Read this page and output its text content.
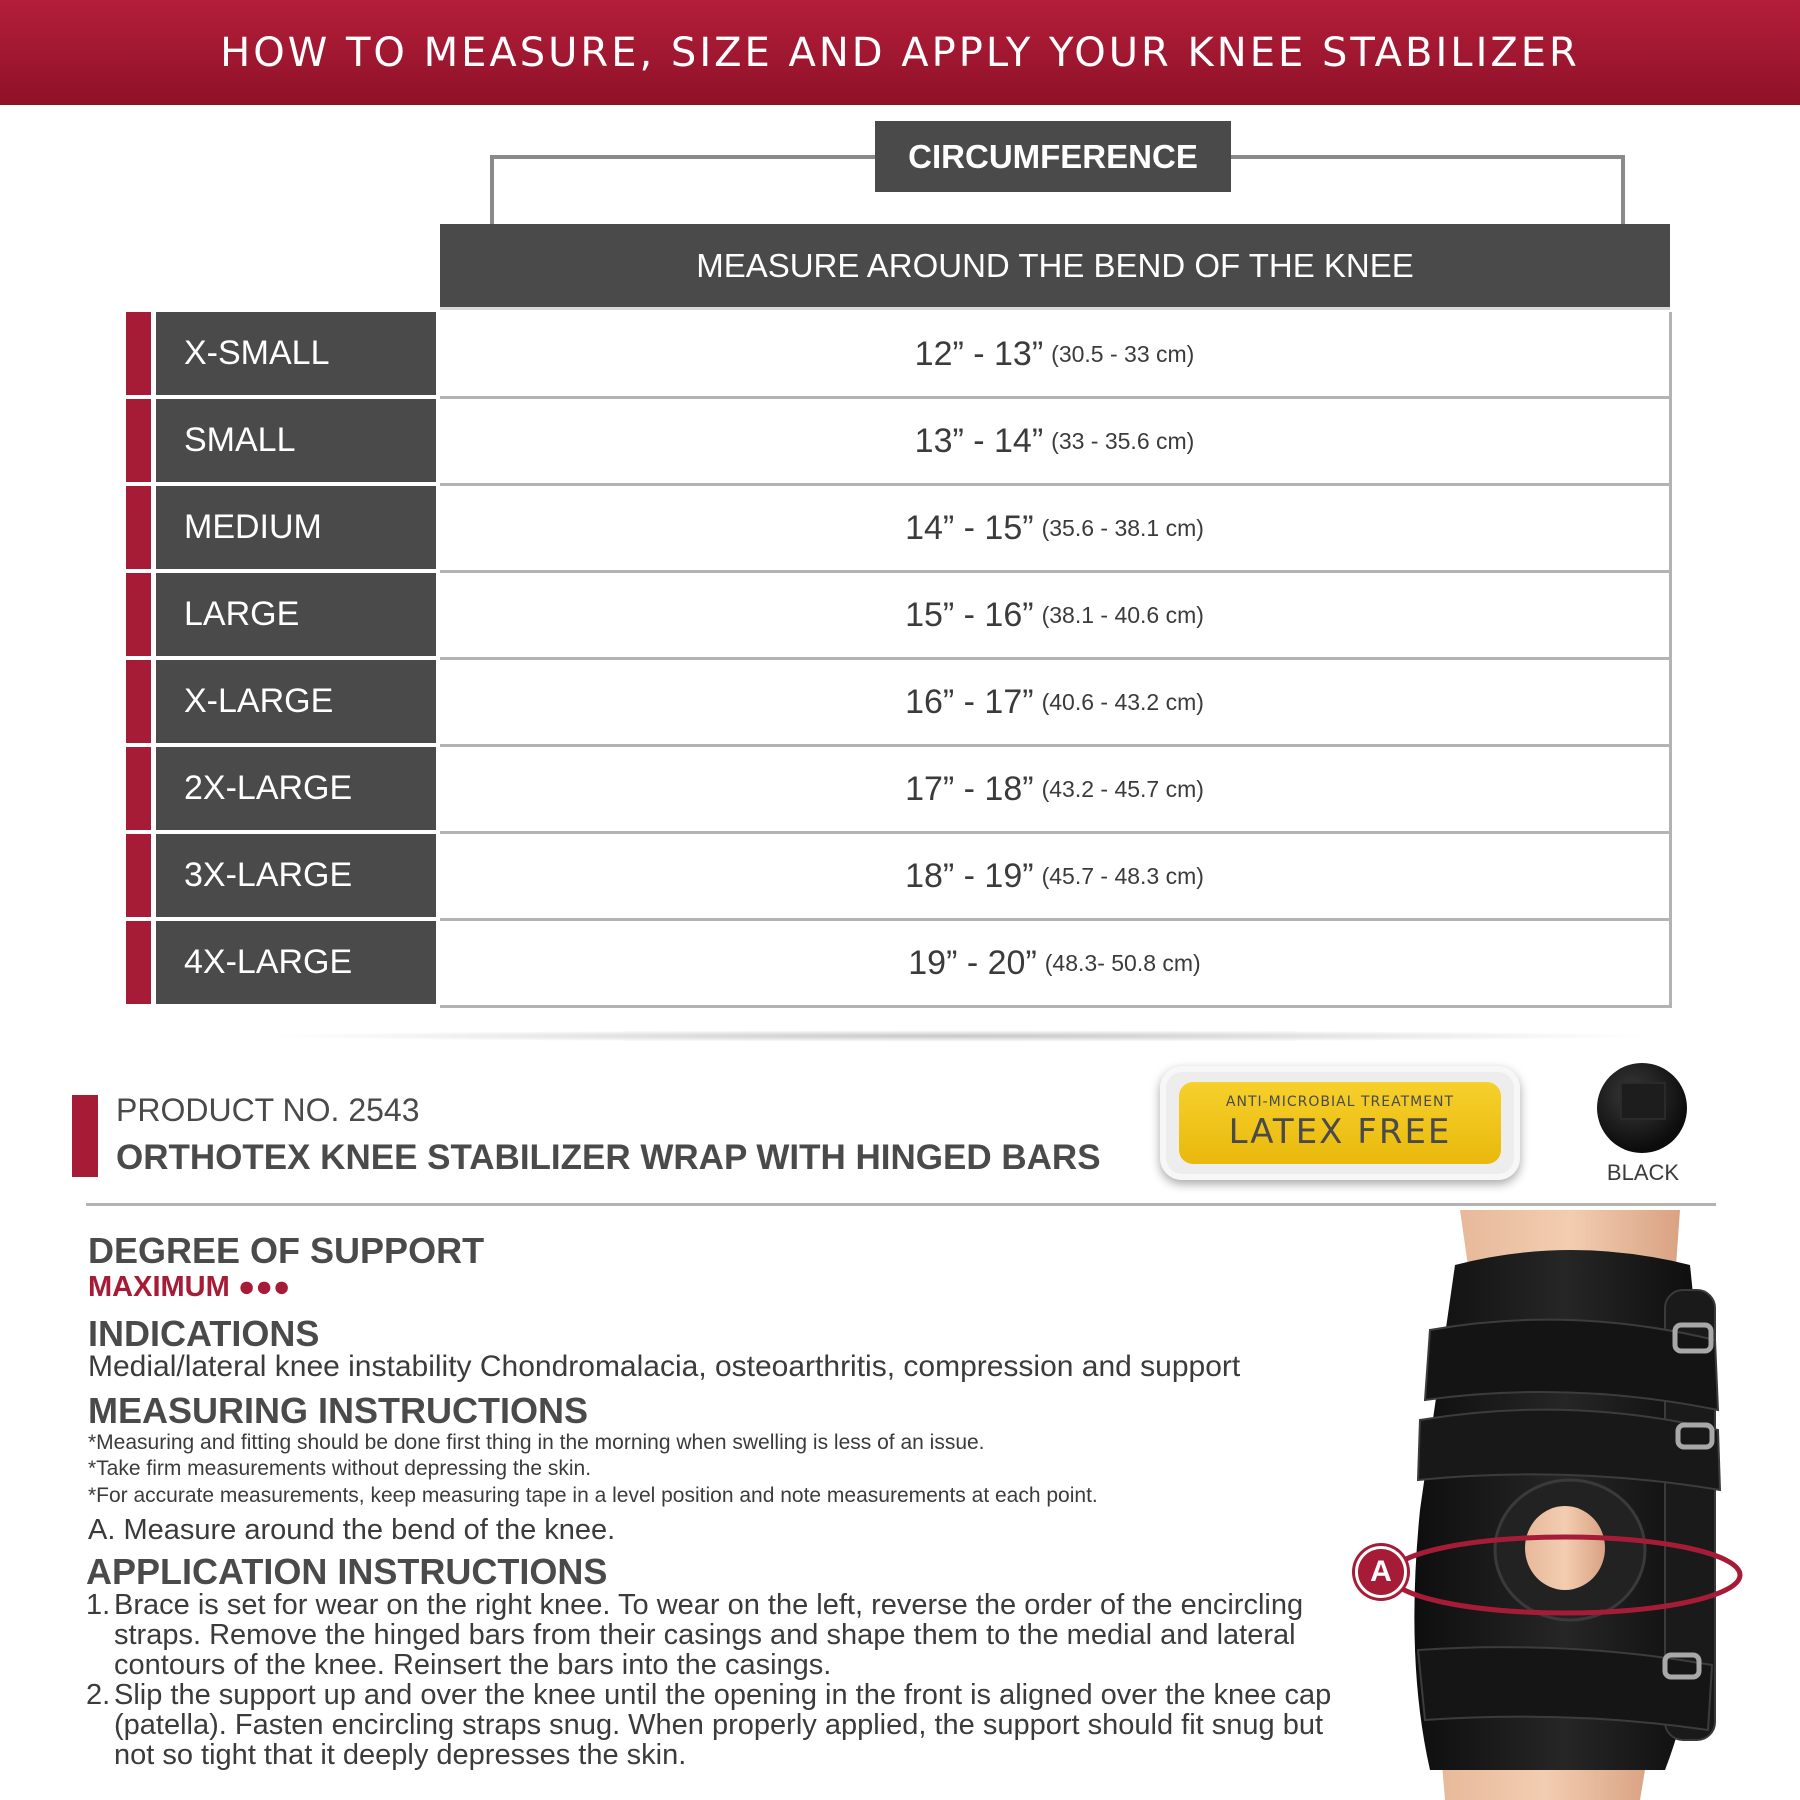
HOW TO MEASURE, SIZE AND APPLY YOUR KNEE STABILIZER
CIRCUMFERENCE
MEASURE AROUND THE BEND OF THE KNEE
X-SMALL	12” - 13” (30.5 - 33 cm)
SMALL	13” - 14” (33 - 35.6 cm)
MEDIUM	14” - 15” (35.6 - 38.1 cm)
LARGE	15” - 16” (38.1 - 40.6 cm)
X-LARGE	16” - 17” (40.6 - 43.2 cm)
2X-LARGE	17” - 18” (43.2 - 45.7 cm)
3X-LARGE	18” - 19” (45.7 - 48.3 cm)
4X-LARGE	19” - 20” (48.3- 50.8 cm)
PRODUCT NO. 2543
ORTHOTEX KNEE STABILIZER WRAP WITH HINGED BARS
ANTI-MICROBIAL TREATMENT
LATEX FREE
BLACK
DEGREE OF SUPPORT
MAXIMUM ●●●
INDICATIONS
Medial/lateral knee instability Chondromalacia, osteoarthritis, compression and support
MEASURING INSTRUCTIONS
*Measuring and fitting should be done first thing in the morning when swelling is less of an issue.
*Take firm measurements without depressing the skin.
*For accurate measurements, keep measuring tape in a level position and note measurements at each point.
A. Measure around the bend of the knee.
APPLICATION INSTRUCTIONS
1. Brace is set for wear on the right knee. To wear on the left, reverse the order of the encircling straps. Remove the hinged bars from their casings and shape them to the medial and lateral contours of the knee. Reinsert the bars into the casings.
2. Slip the support up and over the knee until the opening in the front is aligned over the knee cap (patella). Fasten encircling straps snug. When properly applied, the support should fit snug but not so tight that it deeply depresses the skin.
A
